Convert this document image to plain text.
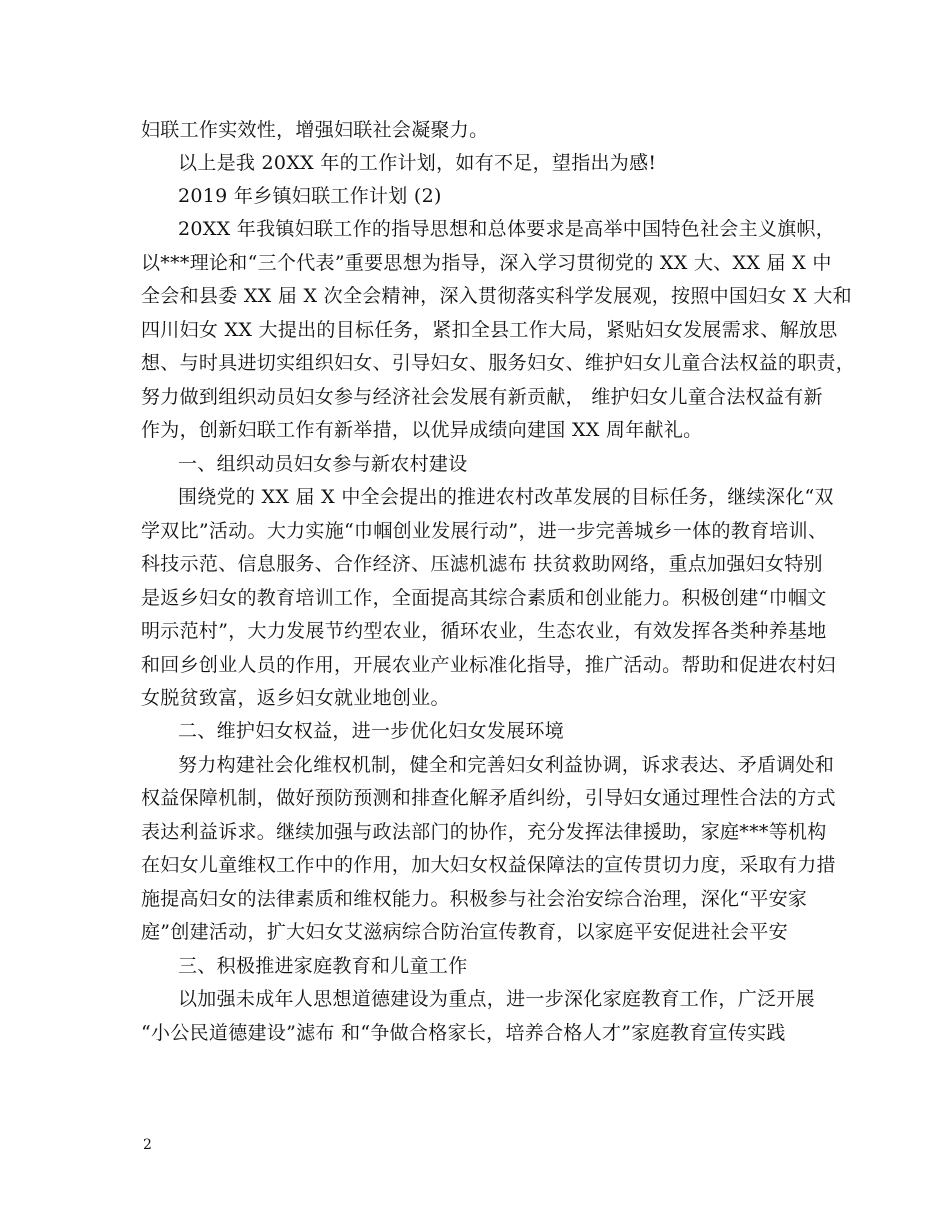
妇联工作实效性，增强妇联社会凝聚力。
以上是我 20XX 年的工作计划，如有不足，望指出为感!
2019 年乡镇妇联工作计划 (2)
20XX 年我镇妇联工作的指导思想和总体要求是高举中国特色社会主义旗帜，
以***理论和“三个代表”重要思想为指导，深入学习贯彻党的 XX 大、XX 届 X 中
全会和县委 XX 届 X 次全会精神，深入贯彻落实科学发展观，按照中国妇女 X 大和
四川妇女 XX 大提出的目标任务，紧扣全县工作大局，紧贴妇女发展需求、解放思
想、与时具进切实组织妇女、引导妇女、服务妇女、维护妇女儿童合法权益的职责，
努力做到组织动员妇女参与经济社会发展有新贡献， 维护妇女儿童合法权益有新
作为，创新妇联工作有新举措，以优异成绩向建国 XX 周年献礼。
一、组织动员妇女参与新农村建设
围绕党的 XX 届 X 中全会提出的推进农村改革发展的目标任务，继续深化“双
学双比”活动。大力实施“巾帼创业发展行动”，进一步完善城乡一体的教育培训、
科技示范、信息服务、合作经济、压滤机滤布 扶贫救助网络，重点加强妇女特别
是返乡妇女的教育培训工作，全面提高其综合素质和创业能力。积极创建“巾帼文
明示范村”，大力发展节约型农业，循环农业，生态农业，有效发挥各类种养基地
和回乡创业人员的作用，开展农业产业标准化指导，推广活动。帮助和促进农村妇
女脱贫致富，返乡妇女就业地创业。
二、维护妇女权益，进一步优化妇女发展环境
努力构建社会化维权机制，健全和完善妇女利益协调，诉求表达、矛盾调处和
权益保障机制，做好预防预测和排查化解矛盾纠纷，引导妇女通过理性合法的方式
表达利益诉求。继续加强与政法部门的协作，充分发挥法律援助，家庭***等机构
在妇女儿童维权工作中的作用，加大妇女权益保障法的宣传贯切力度，采取有力措
施提高妇女的法律素质和维权能力。积极参与社会治安综合治理，深化“平安家
庭”创建活动，扩大妇女艾滋病综合防治宣传教育，以家庭平安促进社会平安
三、积极推进家庭教育和儿童工作
以加强未成年人思想道德建设为重点，进一步深化家庭教育工作，广泛开展
“小公民道德建设”滤布 和“争做合格家长，培养合格人才”家庭教育宣传实践
2
